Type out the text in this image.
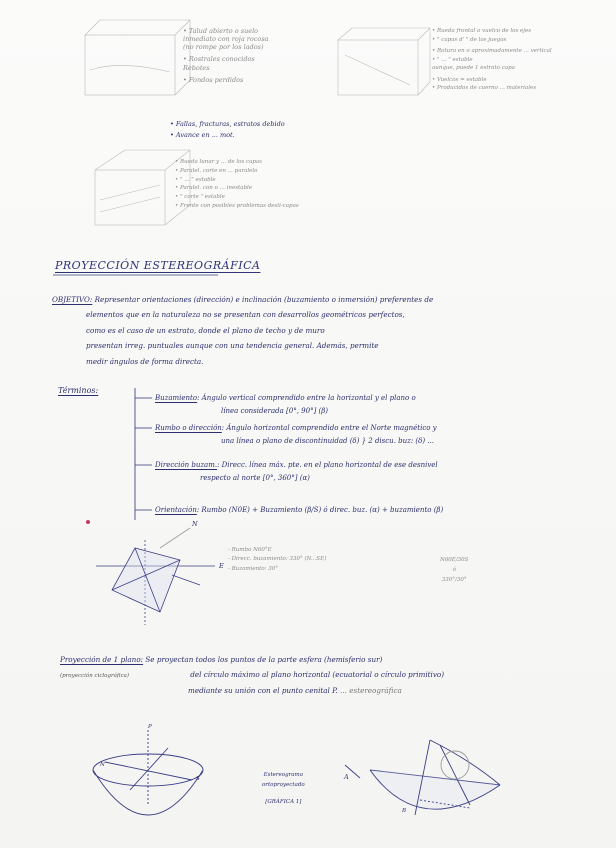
• Talud abierto o suelo
inmediato con roja rocosa
(no rompe por los lados)
• Rostrales conocidos
Rebotes
• Fondos perdidos
• Fallas, fracturas, estratos debido
• Avance en ... mot.
• Rueda frontal o vuelco de los ejes
• " capas d' " de los juegos
• Rotura en o aproximadamente ... vertical
• " ... " estable
aunque, puede 1 estrato capa
• Vuelcos = estable
• Producidos de cuerno ... materiales
• Rueda lunar y ... de los capas
• Paralel. corte en ... paralelo
• " ... " estable
• Paralel. con o ... inestable
• " corte " estable
• Frente con posibles problemas desli-capas
PROYECCIÓN ESTEREOGRÁFICA
OBJETIVO: Representar orientaciones (dirección) e inclinación (buzamiento o inmersión) preferentes de
elementos que en la naturaleza no se presentan con desarrollos geométricos perfectos,
como es el caso de un estrato, donde el plano de techo y de muro
presentan irreg. puntuales aunque con una tendencia general. Además, permite
medir ángulos de forma directa.
Términos:
Buzamiento: Ángulo vertical comprendido entre la horizontal y el plano o
línea considerada [0°, 90°] (β)
Rumbo o dirección: Ángulo horizontal comprendido entre el Norte magnético y
una línea o plano de discontinuidad (δ) } 2 discu. buz: (δ) ...
Dirección buzam.: Direcc. línea máx. pte. en el plano horizontal de ese desnivel
respecto al norte [0°, 360°] (α)
Orientación: Rumbo (N0E) + Buzamiento (β/S) ó direc. buz. (α) + buzamiento (β)
- Rumbo N60°E
- Direcc. buzamiento: 330° (N...SE)
- Buzamiento: 30°
N60E/30S
ó
330°/30°
E
N
Proyección de 1 plano: Se proyectan todos los puntos de la parte esfera (hemisferio sur)
(proyección ciclográfica)	del círculo máximo al plano horizontal (ecuatorial o círculo primitivo)
mediante su unión con el punto cenital P. ... estereográfica
Estereograma
ortoproyectado
[GRÁFICA 1]
A
N
S
B
P
